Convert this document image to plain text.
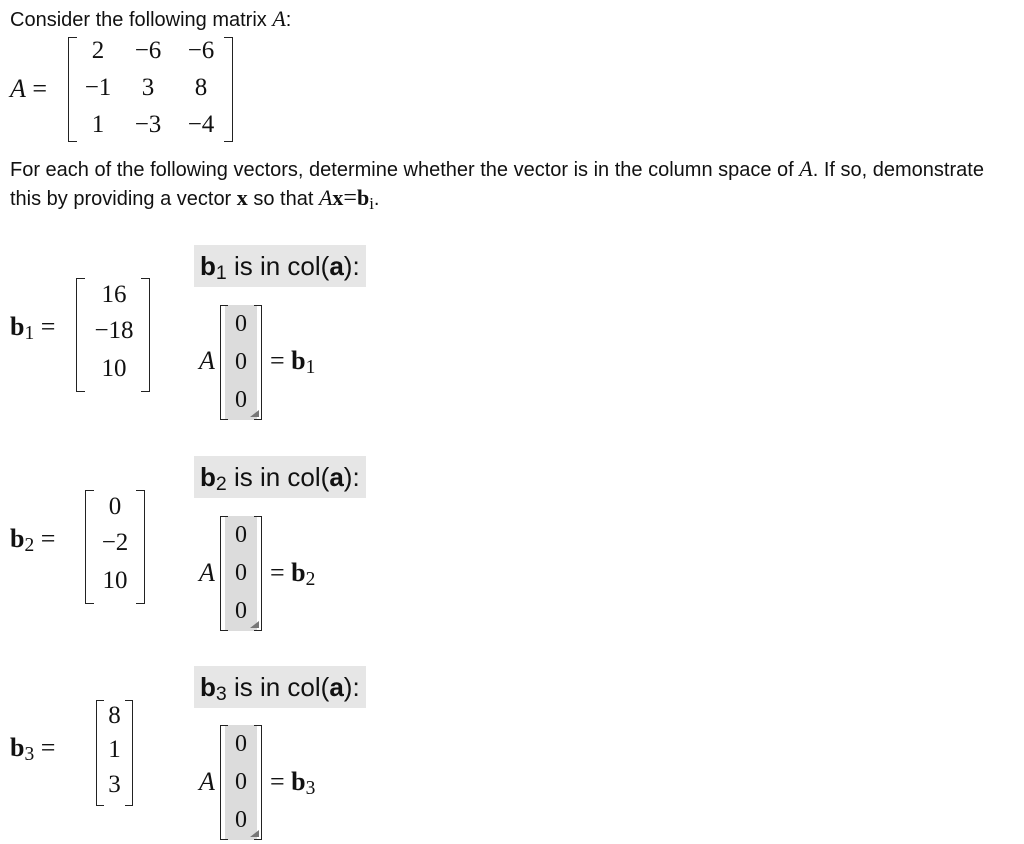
Consider the following matrix A:
A =
2	−6	−6
−1	3	8
1	−3	−4
For each of the following vectors, determine whether the vector is in the column space of A. If so, demonstrate this by providing a vector x so that Ax=bi.
b1 =
16
−18
10
b1 is in col(a):
A
0
0
0 = b1
b2 =
0
−2
10
b2 is in col(a):
A
0
0
0 = b2
b3 =
8
1
3
b3 is in col(a):
A
0
0
0 = b3
